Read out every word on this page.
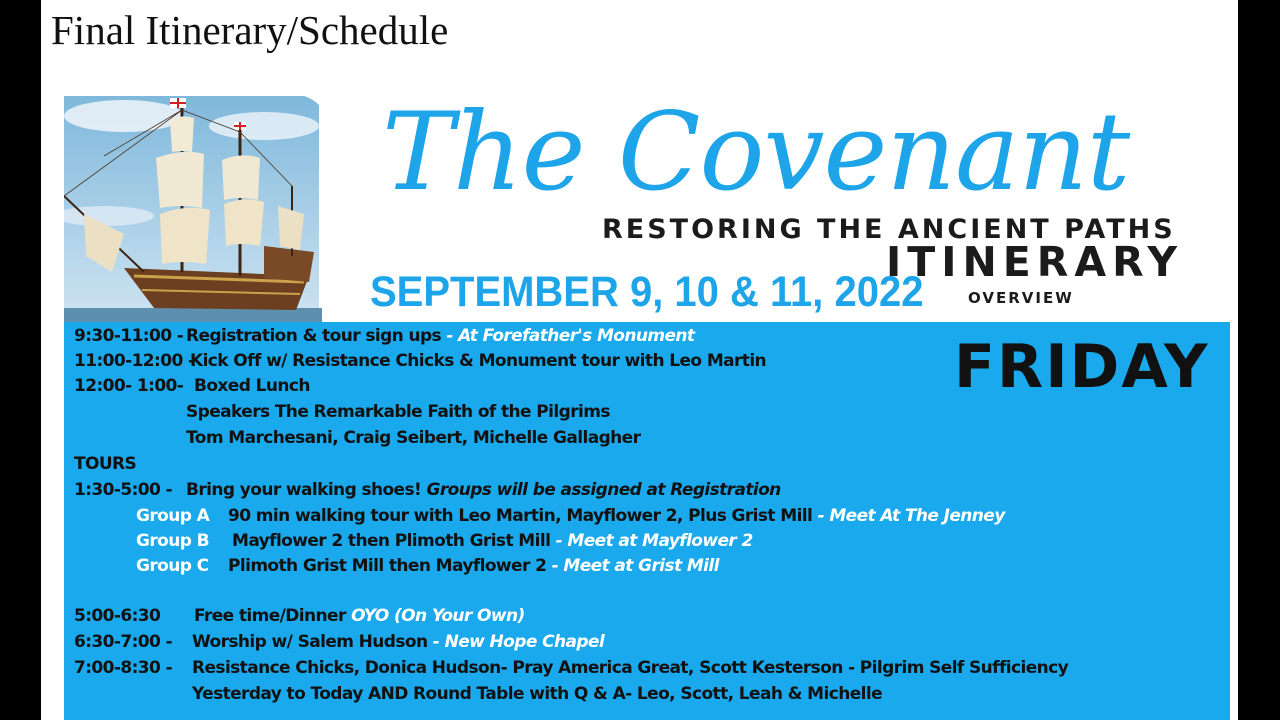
Final Itinerary/Schedule
The Covenant
RESTORING THE ANCIENT PATHS
ITINERARY
SEPTEMBER 9, 10 & 11, 2022	OVERVIEW
FRIDAY
9:30-11:00 - Registration & tour sign ups - At Forefather's Monument
11:00-12:00 -
Kick Off w/ Resistance Chicks & Monument tour with Leo Martin
12:00- 1:00- Boxed Lunch
Speakers The Remarkable Faith of the Pilgrims
Tom Marchesani, Craig Seibert, Michelle Gallagher
TOURS
1:30-5:00 - Bring your walking shoes! Groups will be assigned at Registration
Group A 90 min walking tour with Leo Martin, Mayflower 2, Plus Grist Mill - Meet At The Jenney
Group B Mayflower 2 then Plimoth Grist Mill - Meet at Mayflower 2
Group C Plimoth Grist Mill then Mayflower 2 - Meet at Grist Mill
5:00-6:30 Free time/Dinner OYO (On Your Own)
6:30-7:00 - Worship w/ Salem Hudson - New Hope Chapel
7:00-8:30 - Resistance Chicks, Donica Hudson- Pray America Great, Scott Kesterson - Pilgrim Self Sufficiency
Yesterday to Today AND Round Table with Q & A- Leo, Scott, Leah & Michelle
